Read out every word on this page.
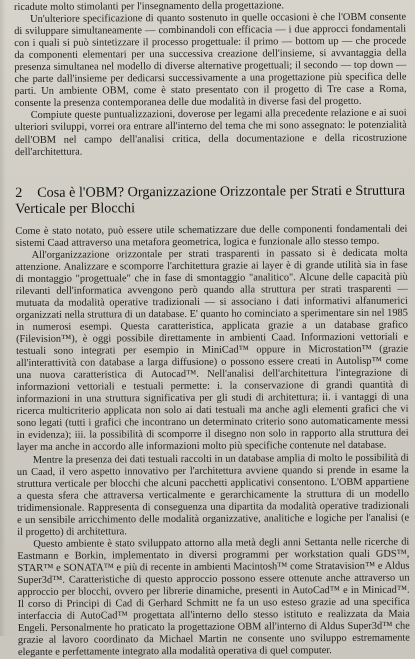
ricadute molto stimolanti per l'insegnamento della progettazione.

Un'ulteriore specificazione di quanto sostenuto in quelle occasioni è che l'OBM consente di sviluppare simultaneamente — combinandoli con efficacia — i due approcci fondamentali con i quali si può sintetizzare il processo progettuale: il primo — bottom up — che procede da componenti elementari per una successiva creazione dell'insieme, si avvantaggia della presenza simultanea nel modello di diverse alternative progettuali; il secondo — top down — che parte dall'insieme per dedicarsi successivamente a una progettazione più specifica delle parti. Un ambiente OBM, come è stato presentato con il progetto di Tre case a Roma, consente la presenza contemporanea delle due modalità in diverse fasi del progetto.

Compiute queste puntualizzazioni, doverose per legami alla precedente relazione e ai suoi ulteriori sviluppi, vorrei ora entrare all'interno del tema che mi sono assegnato: le potenzialità dell'OBM nel campo dell'analisi critica, della documentazione e della ricostruzione dell'architettura.

2 Cosa è l'OBM? Organizzazione Orizzontale per Strati e Struttura Verticale per Blocchi

Come è stato notato, può essere utile schematizzare due delle componenti fondamentali dei sistemi Caad attraverso una metafora geometrica, logica e funzionale allo stesso tempo.

All'organizzazione orizzontale per strati trasparenti in passato si è dedicata molta attenzione. Analizzare e scomporre l'architettura grazie ai layer è di grande utilità sia in fase di montaggio "progettuale" che in fase di smontaggio "analitico". Alcune delle capacità più rilevanti dell'informatica avvengono però quando alla struttura per strati trasparenti — mutuata da modalità operative tradizionali — si associano i dati informativi alfanumerici organizzati nella struttura di un database. E' quanto ho cominciato a sperimentare sin nel 1985 in numerosi esempi. Questa caratteristica, applicata grazie a un database grafico (Filevision™), è oggi possibile direttamente in ambienti Caad. Informazioni vettoriali e testuali sono integrati per esempio in MiniCad™ oppure in Microstation™ (grazie all'interattività con database a larga diffusione) o possono essere creati in Autolisp™ come una nuova caratteristica di Autocad™. Nell'analisi dell'architettura l'integrazione di informazioni vettoriali e testuali permette: i. la conservazione di grandi quantità di informazioni in una struttura significativa per gli studi di architettura; ii. i vantaggi di una ricerca multicriterio applicata non solo ai dati testuali ma anche agli elementi grafici che vi sono legati (tutti i grafici che incontrano un determinato criterio sono automaticamente messi in evidenza); iii. la possibilità di scomporre il disegno non solo in rapporto alla struttura dei layer ma anche in accordo alle informazioni molto più specifiche contenute nel database.

Mentre la presenza dei dati testuali raccolti in un database amplia di molto le possibilità di un Caad, il vero aspetto innovativo per l'architettura avviene quando si prende in esame la struttura verticale per blocchi che alcuni pacchetti applicativi consentono. L'OBM appartiene a questa sfera che attraversa verticalmente e gerarchicamente la struttura di un modello tridimensionale. Rappresenta di conseguenza una dipartita da modalità operative tradizionali e un sensibile arricchimento delle modalità organizzative, analitiche e logiche per l'analisi (e il progetto) di architettura.

Questo ambiente è stato sviluppato attorno alla metà degli anni Settanta nelle ricerche di Eastmann e Borkin, implementato in diversi programmi per workstation quali GDS™, STAR™ e SONATA™ e più di recente in ambienti Macintosh™ come Stratavision™ e Aldus Super3d™. Caratteristiche di questo approccio possono essere ottenute anche attraverso un approccio per blocchi, ovvero per librerie dinamiche, presenti in AutoCad™ e in Minicad™. Il corso di Principi di Cad di Gerhard Schmitt ne fa un uso esteso grazie ad una specifica interfaccia di AutoCad™ progettata all'interno dello stesso istituto e realizzata da Maia Engeli. Personalmente ho praticato la progettazione OBM all'interno di Aldus Super3d™ che grazie al lavoro coordinato da Michael Martin ne consente uno sviluppo estremamente elegante e perfettamente integrato alla modalità operativa di quel computer.
